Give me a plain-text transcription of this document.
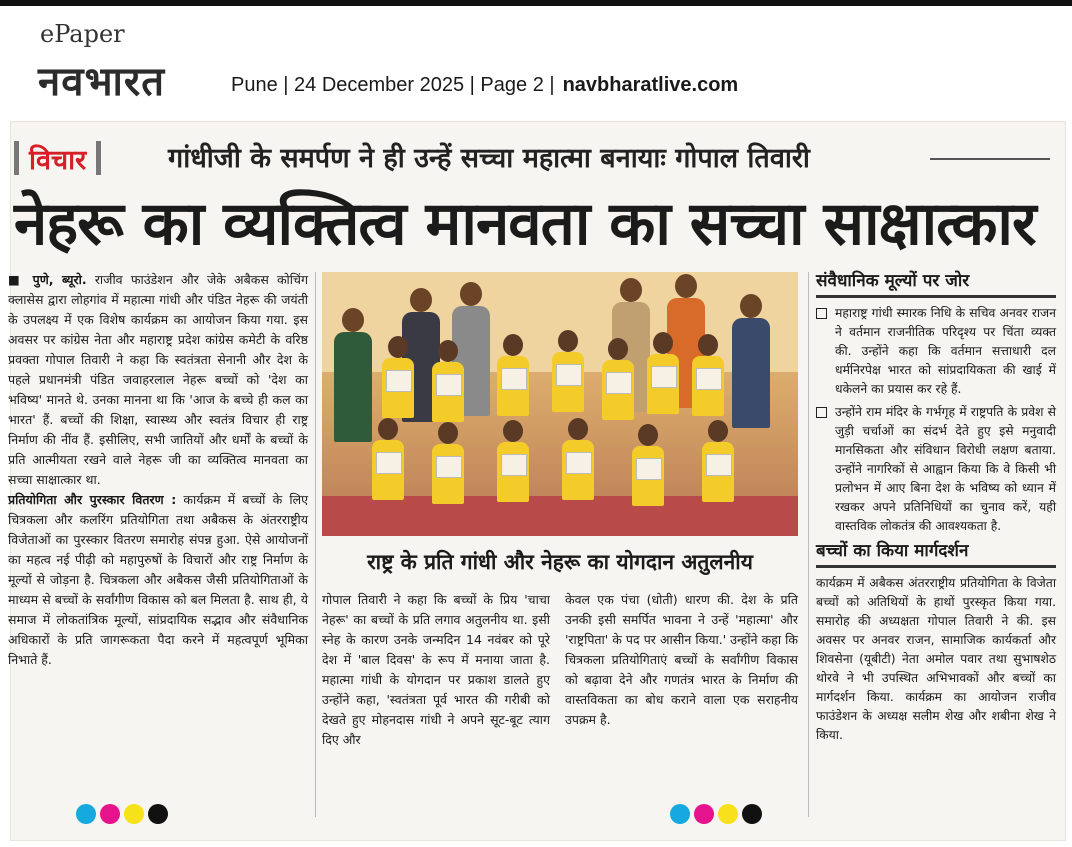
ePaper
नवभारत	Pune | 24 December 2025 | Page 2 | navbharatlive.com
विचार	गांधीजी के समर्पण ने ही उन्हें सच्चा महात्मा बनायाः गोपाल तिवारी
नेहरू का व्यक्तित्व मानवता का सच्चा साक्षात्कार

■ पुणे, ब्यूरो. राजीव फाउंडेशन और जेके अबैकस कोचिंग क्लासेस द्वारा लोहगांव में महात्मा गांधी और पंडित नेहरू की जयंती के उपलक्ष्य में एक विशेष कार्यक्रम का आयोजन किया गया. इस अवसर पर कांग्रेस नेता और महाराष्ट्र प्रदेश कांग्रेस कमेटी के वरिष्ठ प्रवक्ता गोपाल तिवारी ने कहा कि स्वतंत्रता सेनानी और देश के पहले प्रधानमंत्री पंडित जवाहरलाल नेहरू बच्चों को 'देश का भविष्य' मानते थे. उनका मानना था कि 'आज के बच्चे ही कल का भारत' हैं. बच्चों की शिक्षा, स्वास्थ्य और स्वतंत्र विचार ही राष्ट्र निर्माण की नींव हैं. इसीलिए, सभी जातियों और धर्मों के बच्चों के प्रति आत्मीयता रखने वाले नेहरू जी का व्यक्तित्व मानवता का सच्चा साक्षात्कार था.

प्रतियोगिता और पुरस्कार वितरण : कार्यक्रम में बच्चों के लिए चित्रकला और कलरिंग प्रतियोगिता तथा अबैकस के अंतरराष्ट्रीय विजेताओं का पुरस्कार वितरण समारोह संपन्न हुआ. ऐसे आयोजनों का महत्व नई पीढ़ी को महापुरुषों के विचारों और राष्ट्र निर्माण के मूल्यों से जोड़ना है. चित्रकला और अबैकस जैसी प्रतियोगिताओं के माध्यम से बच्चों के सर्वांगीण विकास को बल मिलता है. साथ ही, ये समाज में लोकतांत्रिक मूल्यों, सांप्रदायिक सद्भाव और संवैधानिक अधिकारों के प्रति जागरूकता पैदा करने में महत्वपूर्ण भूमिका निभाते हैं.

राष्ट्र के प्रति गांधी और नेहरू का योगदान अतुलनीय
गोपाल तिवारी ने कहा कि बच्चों के प्रिय 'चाचा नेहरू' का बच्चों के प्रति लगाव अतुलनीय था. इसी स्नेह के कारण उनके जन्मदिन 14 नवंबर को पूरे देश में 'बाल दिवस' के रूप में मनाया जाता है. महात्मा गांधी के योगदान पर प्रकाश डालते हुए उन्होंने कहा, 'स्वतंत्रता पूर्व भारत की गरीबी को देखते हुए मोहनदास गांधी ने अपने सूट-बूट त्याग दिए और
केवल एक पंचा (धोती) धारण की. देश के प्रति उनकी इसी समर्पित भावना ने उन्हें 'महात्मा' और 'राष्ट्रपिता' के पद पर आसीन किया.' उन्होंने कहा कि चित्रकला प्रतियोगिताएं बच्चों के सर्वांगीण विकास को बढ़ावा देने और गणतंत्र भारत के निर्माण की वास्तविकता का बोध कराने वाला एक सराहनीय उपक्रम है.
संवैधानिक मूल्यों पर जोर

महाराष्ट्र गांधी स्मारक निधि के सचिव अनवर राजन ने वर्तमान राजनीतिक परिदृश्य पर चिंता व्यक्त की. उन्होंने कहा कि वर्तमान सत्ताधारी दल धर्मनिरपेक्ष भारत को सांप्रदायिकता की खाई में धकेलने का प्रयास कर रहे हैं.

उन्होंने राम मंदिर के गर्भगृह में राष्ट्रपति के प्रवेश से जुड़ी चर्चाओं का संदर्भ देते हुए इसे मनुवादी मानसिकता और संविधान विरोधी लक्षण बताया. उन्होंने नागरिकों से आह्वान किया कि वे किसी भी प्रलोभन में आए बिना देश के भविष्य को ध्यान में रखकर अपने प्रतिनिधियों का चुनाव करें, यही वास्तविक लोकतंत्र की आवश्यकता है.

बच्चों का किया मार्गदर्शन

कार्यक्रम में अबैकस अंतरराष्ट्रीय प्रतियोगिता के विजेता बच्चों को अतिथियों के हाथों पुरस्कृत किया गया. समारोह की अध्यक्षता गोपाल तिवारी ने की. इस अवसर पर अनवर राजन, सामाजिक कार्यकर्ता और शिवसेना (यूबीटी) नेता अमोल पवार तथा सुभाषशेठ थोरवे ने भी उपस्थित अभिभावकों और बच्चों का मार्गदर्शन किया. कार्यक्रम का आयोजन राजीव फाउंडेशन के अध्यक्ष सलीम शेख और शबीना शेख ने किया.
